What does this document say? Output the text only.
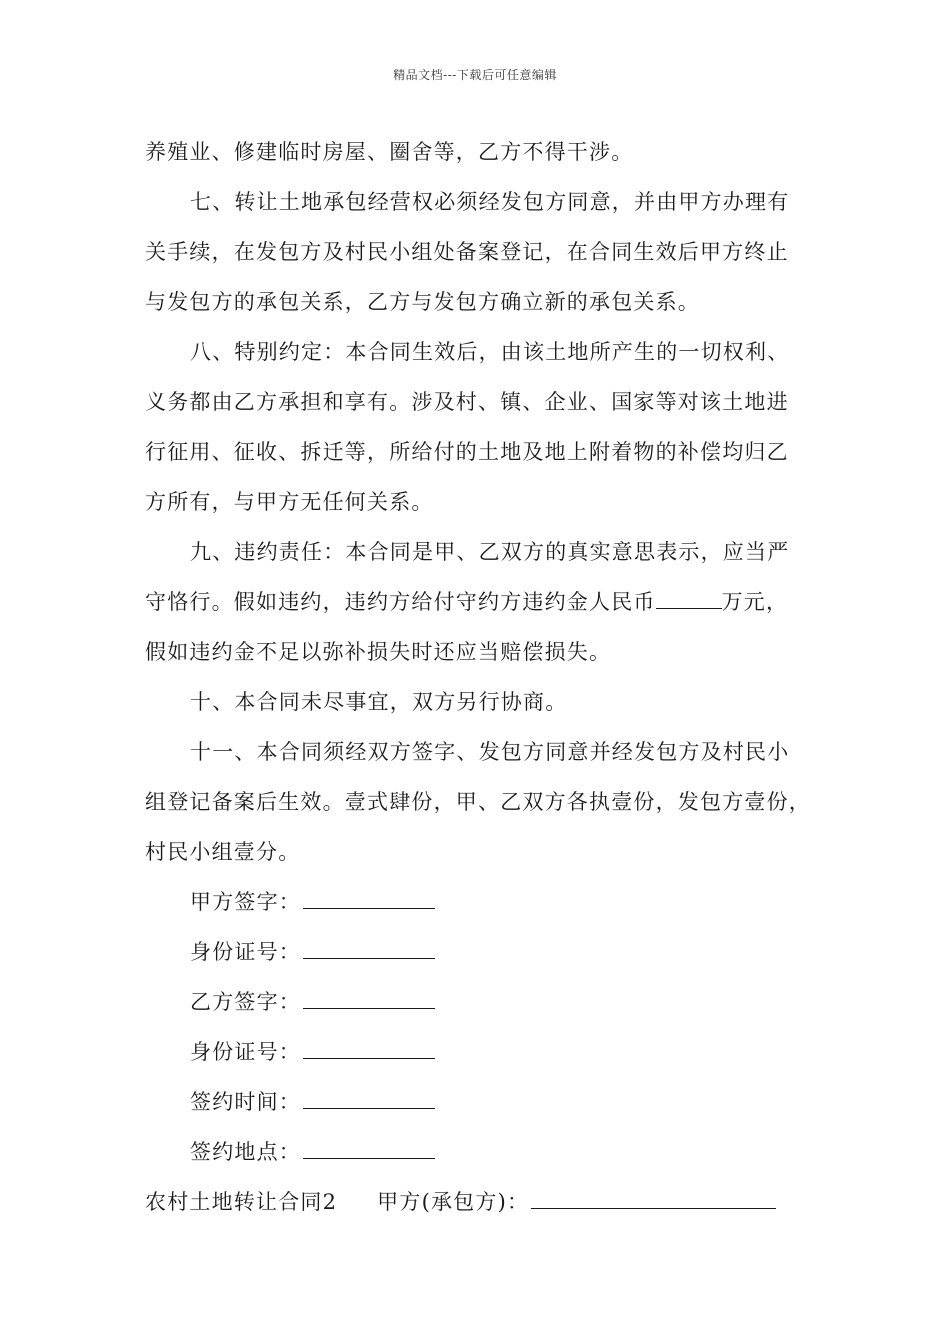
精品文档---下载后可任意编辑

养殖业、修建临时房屋、圈舍等，乙方不得干涉。

七、转让土地承包经营权必须经发包方同意，并由甲方办理有
关手续，在发包方及村民小组处备案登记，在合同生效后甲方终止
与发包方的承包关系，乙方与发包方确立新的承包关系。

八、特别约定：本合同生效后，由该土地所产生的一切权利、
义务都由乙方承担和享有。涉及村、镇、企业、国家等对该土地进
行征用、征收、拆迁等，所给付的土地及地上附着物的补偿均归乙
方所有，与甲方无任何关系。

九、违约责任：本合同是甲、乙双方的真实意思表示，应当严
守恪行。假如违约，违约方给付守约方违约金人民币	万元，
假如违约金不足以弥补损失时还应当赔偿损失。

十、本合同未尽事宜，双方另行协商。

十一、本合同须经双方签字、发包方同意并经发包方及村民小
组登记备案后生效。壹式肆份，甲、乙双方各执壹份，发包方壹份，
村民小组壹分。

甲方签字：
身份证号：
乙方签字：
身份证号：
签约时间：
签约地点：
农村土地转让合同2 甲方(承包方)：
